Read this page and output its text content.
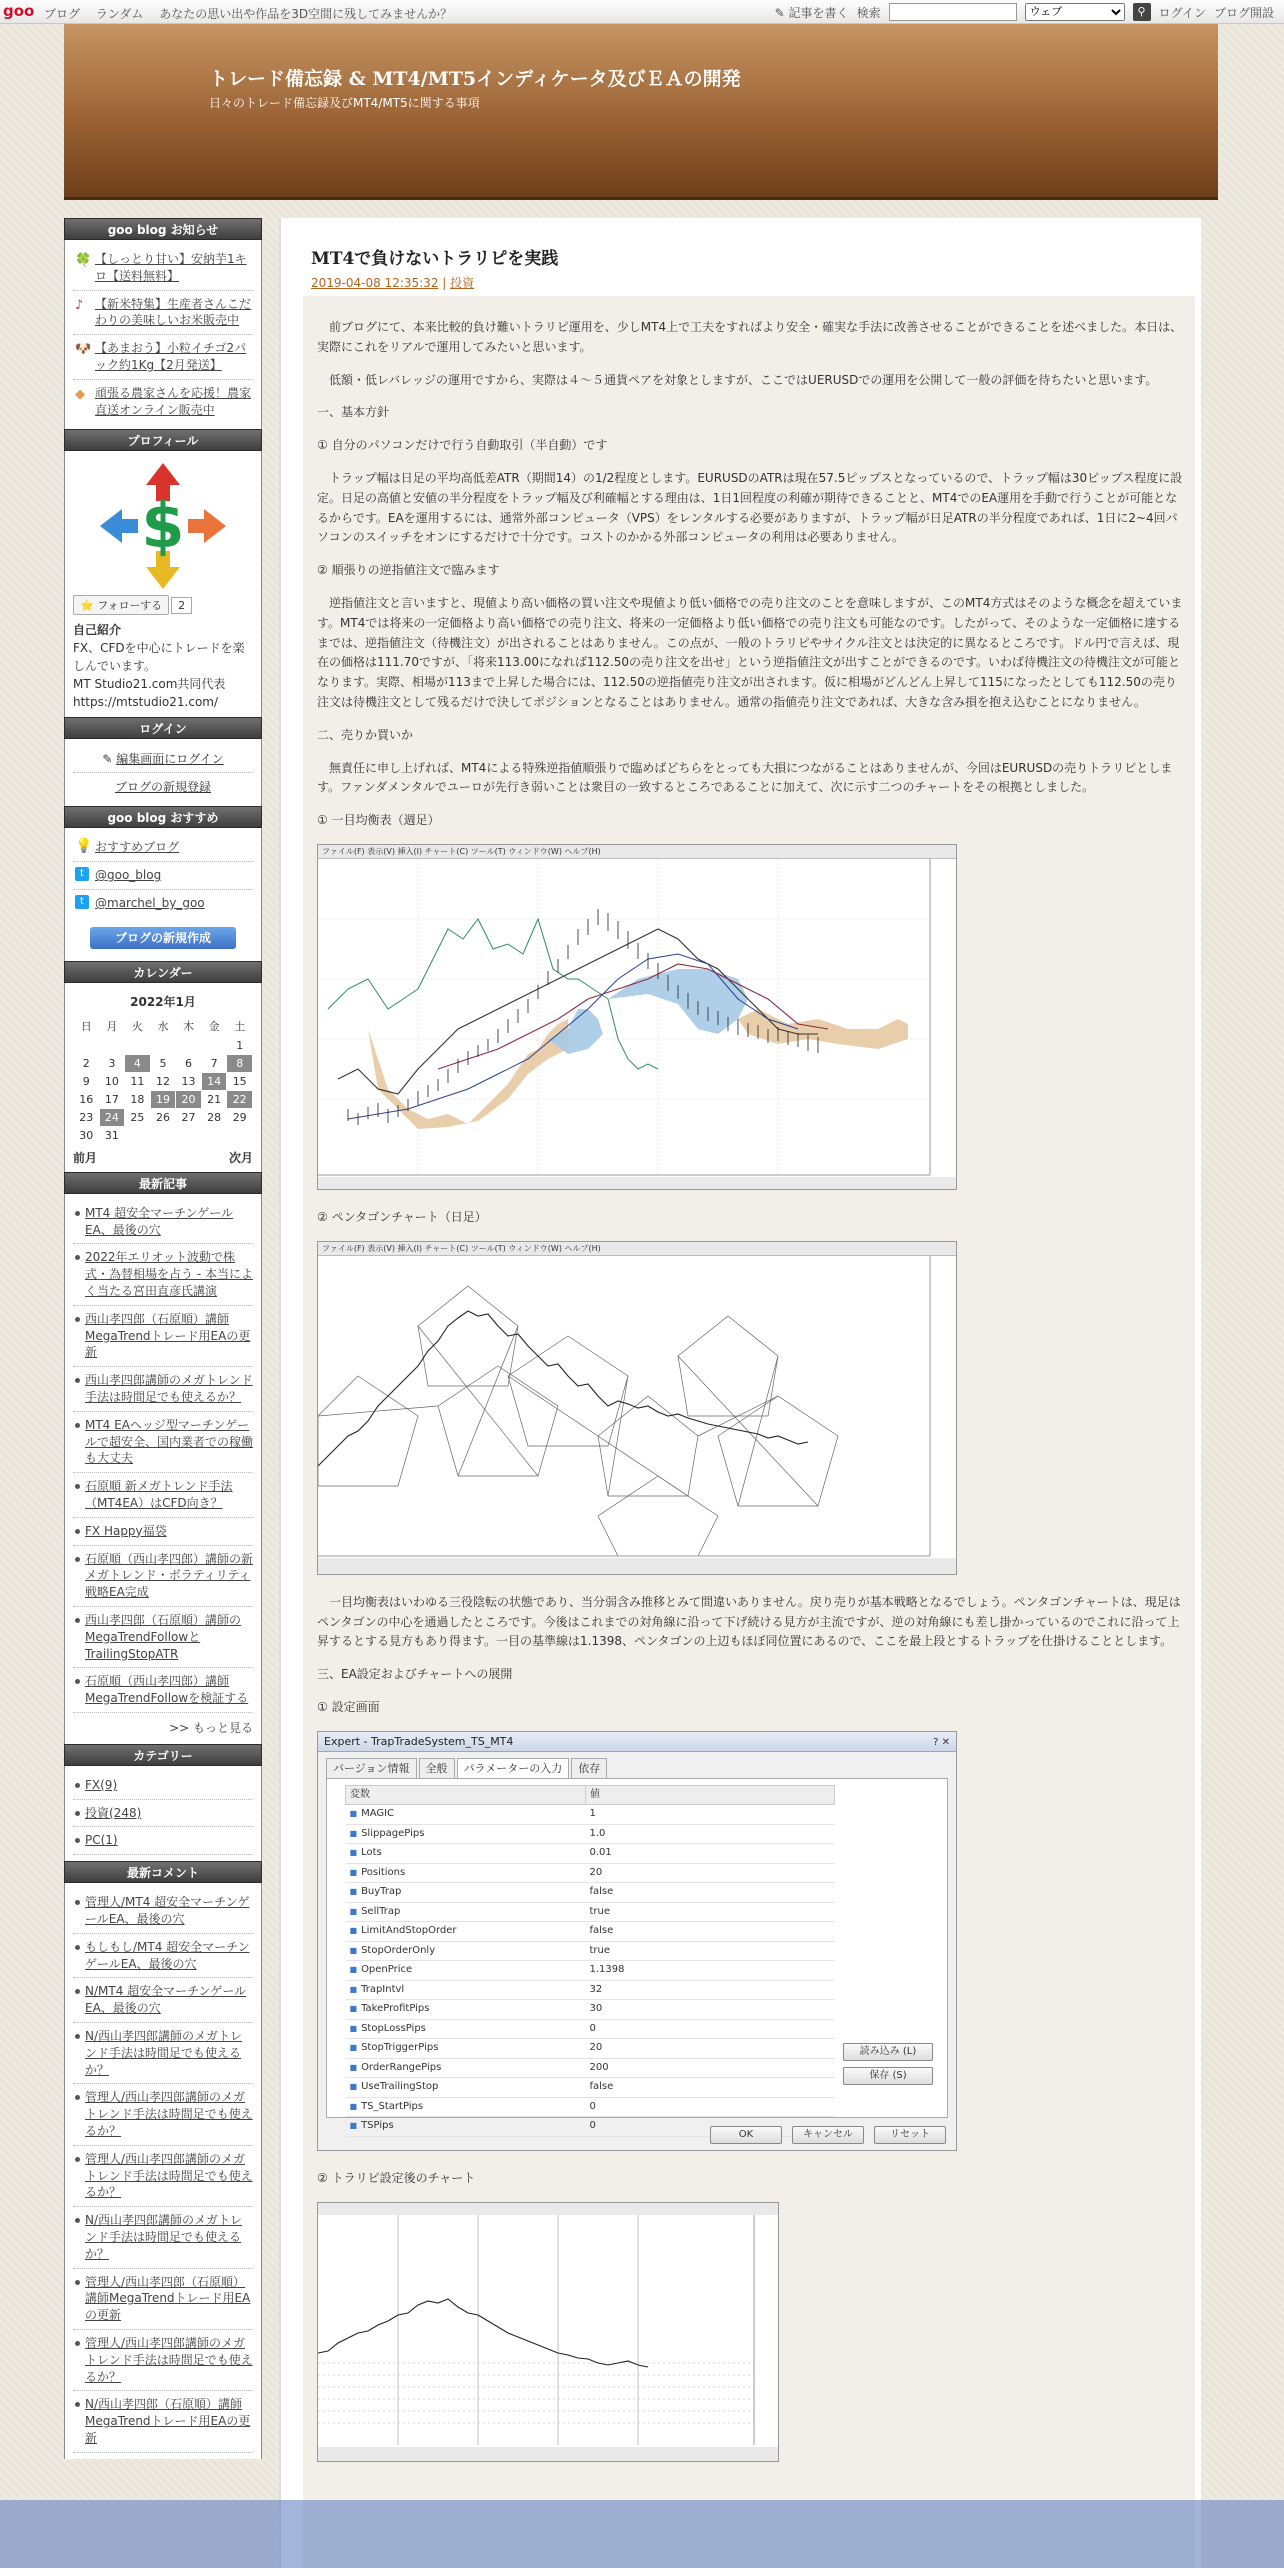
goo ブログ ランダム あなたの思い出や作品を3D空間に残してみませんか？	✎ 記事を書く 検索
ウェブ	⚲	ログイン ブログ開設
トレード備忘録 & MT4/MT5インディケータ及びＥＡの開発
日々のトレード備忘録及びMT4/MT5に関する事項
goo blog お知らせ
🍀 【しっとり甘い】安納芋1キロ【送料無料】
♪ 【新米特集】生産者さんこだわりの美味しいお米販売中
🐶 【あまおう】小粒イチゴ2パック約1Kg【2月発送】
◆ 頑張る農家さんを応援！農家直送オンライン販売中
プロフィール
$
⭐ フォローする 2
自己紹介
FX、CFDを中心にトレードを楽しんでいます。
MT Studio21.com共同代表
https://mtstudio21.com/
ログイン
✎ 編集画面にログイン
ブログの新規登録
goo blog おすすめ
💡 おすすめブログ
t @goo_blog
t @marchel_by_goo
ブログの新規作成
カレンダー
2022年1月
日	月	火	水	木	金	土
						1
2	3	4	5	6	7	8
9	10	11	12	13	14	15
16	17	18	19	20	21	22
23	24	25	26	27	28	29
30	31					
前月	次月
最新記事
MT4 超安全マーチンゲールEA、最後の穴
2022年エリオット波動で株式・為替相場を占う - 本当によく当たる宮田直彦氏講演
西山孝四郎（石原順）講師MegaTrendトレード用EAの更新
西山孝四郎講師のメガトレンド手法は時間足でも使えるか？
MT4 EAヘッジ型マーチンゲールで超安全、国内業者での稼働も大丈夫
石原順 新メガトレンド手法（MT4EA）はCFD向き？
FX Happy福袋
石原順（西山孝四郎）講師の新メガトレンド・ボラティリティ戦略EA完成
西山孝四郎（石原順）講師のMegaTrendFollowとTrailingStopATR
石原順（西山孝四郎）講師MegaTrendFollowを検証する
>> もっと見る
カテゴリー
FX(9)
投資(248)
PC(1)
最新コメント
管理人/MT4 超安全マーチンゲールEA、最後の穴
もしもし/MT4 超安全マーチンゲールEA、最後の穴
N/MT4 超安全マーチンゲールEA、最後の穴
N/西山孝四郎講師のメガトレンド手法は時間足でも使えるか？
管理人/西山孝四郎講師のメガトレンド手法は時間足でも使えるか？
管理人/西山孝四郎講師のメガトレンド手法は時間足でも使えるか？
N/西山孝四郎講師のメガトレンド手法は時間足でも使えるか？
管理人/西山孝四郎（石原順）講師MegaTrendトレード用EAの更新
管理人/西山孝四郎講師のメガトレンド手法は時間足でも使えるか？
N/西山孝四郎（石原順）講師MegaTrendトレード用EAの更新
MT4で負けないトラリピを実践
2019-04-08 12:35:32 | 投資

前ブログにて、本来比較的負け難いトラリピ運用を、少しMT4上で工夫をすればより安全・確実な手法に改善させることができることを述べました。本日は、実際にこれをリアルで運用してみたいと思います。

低額・低レバレッジの運用ですから、実際は４～５通貨ペアを対象としますが、ここではUERUSDでの運用を公開して一般の評価を待ちたいと思います。

一、基本方針

① 自分のパソコンだけで行う自動取引（半自動）です

トラップ幅は日足の平均高低差ATR（期間14）の1/2程度とします。EURUSDのATRは現在57.5ピップスとなっているので、トラップ幅は30ピップス程度に設定。日足の高値と安値の半分程度をトラップ幅及び利確幅とする理由は、1日1回程度の利確が期待できることと、MT4でのEA運用を手動で行うことが可能となるからです。EAを運用するには、通常外部コンピュータ（VPS）をレンタルする必要がありますが、トラップ幅が日足ATRの半分程度であれば、1日に2~4回パソコンのスイッチをオンにするだけで十分です。コストのかかる外部コンピュータの利用は必要ありません。

② 順張りの逆指値注文で臨みます

逆指値注文と言いますと、現値より高い価格の買い注文や現値より低い価格での売り注文のことを意味しますが、このMT4方式はそのような概念を超えています。MT4では将来の一定価格より高い価格での売り注文、将来の一定価格より低い価格での売り注文も可能なのです。したがって、そのような一定価格に達するまでは、逆指値注文（待機注文）が出されることはありません。この点が、一般のトラリピやサイクル注文とは決定的に異なるところです。ドル円で言えば、現在の価格は111.70ですが、「将来113.00になれば112.50の売り注文を出せ」という逆指値注文が出すことができるのです。いわば待機注文の待機注文が可能となります。実際、相場が113まで上昇した場合には、112.50の逆指値売り注文が出されます。仮に相場がどんどん上昇して115になったとしても112.50の売り注文は待機注文として残るだけで決してポジションとなることはありません。通常の指値売り注文であれば、大きな含み損を抱え込むことになりません。

二、売りか買いか

無責任に申し上げれば、MT4による特殊逆指値順張りで臨めばどちらをとっても大損につながることはありませんが、今回はEURUSDの売りトラリピとします。ファンダメンタルでユーロが先行き弱いことは衆目の一致するところであることに加えて、次に示す二つのチャートをその根拠としました。

① 一目均衡表（週足）

ファイル(F) 表示(V) 挿入(I) チャート(C) ツール(T) ウィンドウ(W) ヘルプ(H)

② ペンタゴンチャート（日足）

ファイル(F) 表示(V) 挿入(I) チャート(C) ツール(T) ウィンドウ(W) ヘルプ(H)

一目均衡表はいわゆる三役陰転の状態であり、当分弱含み推移とみて間違いありません。戻り売りが基本戦略となるでしょう。ペンタゴンチャートは、現足はペンタゴンの中心を通過したところです。今後はこれまでの対角線に沿って下げ続ける見方が主流ですが、逆の対角線にも差し掛かっているのでこれに沿って上昇するとする見方もあり得ます。一目の基準線は1.1398、ペンタゴンの上辺もほぼ同位置にあるので、ここを最上段とするトラップを仕掛けることとします。

三、EA設定およびチャートへの展開

① 設定画面

Expert - TrapTradeSystem_TS_MT4	? ✕
バージョン情報	全般	パラメーターの入力	依存
変数	値
■ MAGIC	1
■ SlippagePips	1.0
■ Lots	0.01
■ Positions	20
■ BuyTrap	false
■ SellTrap	true
■ LimitAndStopOrder	false
■ StopOrderOnly	true
■ OpenPrice	1.1398
■ TrapIntvl	32
■ TakeProfitPips	30
■ StopLossPips	0
■ StopTriggerPips	20
■ OrderRangePips	200
■ UseTrailingStop	false
■ TS_StartPips	0
■ TSPips	0
読み込み (L)
保存 (S)
OK	キャンセル	リセット

② トラリピ設定後のチャート
